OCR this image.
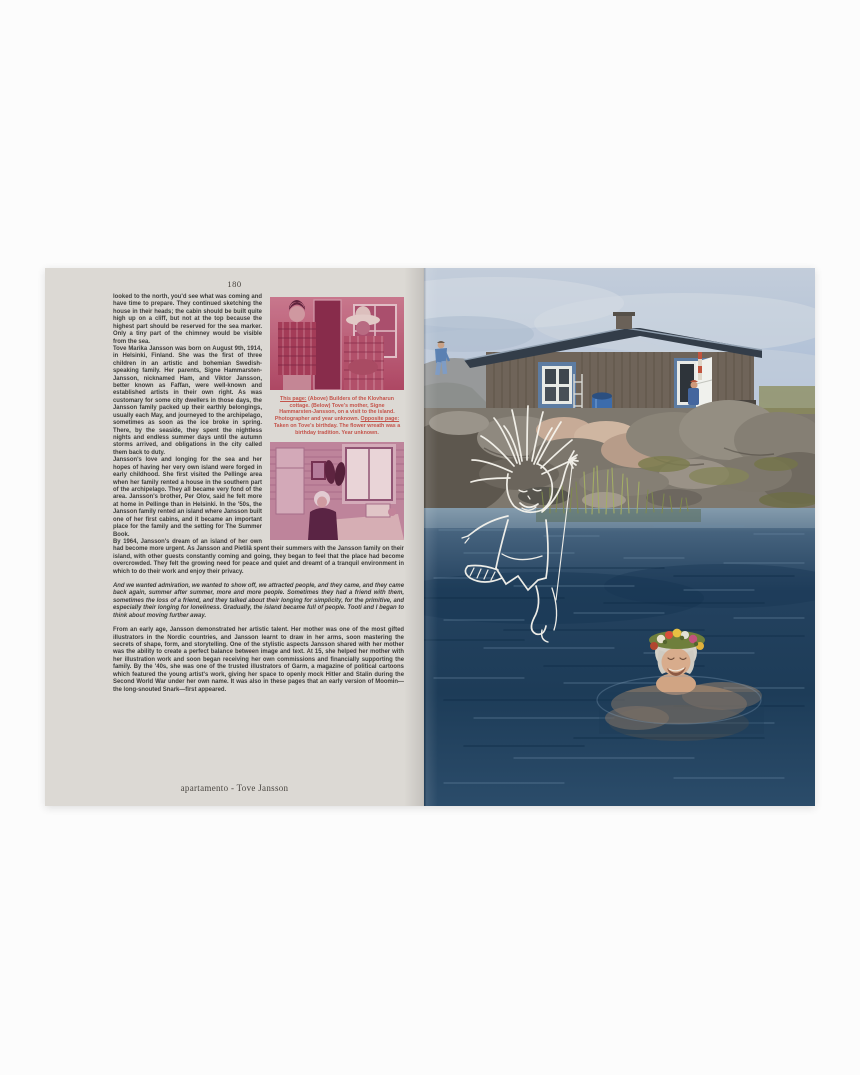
180
This page: (Above) Builders of the Klovharun cottage. (Below) Tove's mother, Signe Hammarsten-Jansson, on a visit to the island. Photographer and year unknown. Opposite page: Taken on Tove's birthday. The flower wreath was a birthday tradition. Year unknown.

looked to the north, you'd see what was coming and have time to prepare. They continued sketching the house in their heads; the cabin should be built quite high up on a cliff, but not at the top because the highest part should be reserved for the sea marker. Only a tiny part of the chimney would be visible from the sea.

Tove Marika Jansson was born on August 9th, 1914, in Helsinki, Finland. She was the first of three children in an artistic and bohemian Swedish-speaking family. Her parents, Signe Hammarsten-Jansson, nicknamed Ham, and Viktor Jansson, better known as Faffan, were well-known and established artists in their own right. As was customary for some city dwellers in those days, the Jansson family packed up their earthly belongings, usually each May, and journeyed to the archipelago, sometimes as soon as the ice broke in spring. There, by the seaside, they spent the nightless nights and endless summer days until the autumn storms arrived, and obligations in the city called them back to duty.

Jansson's love and longing for the sea and her hopes of having her very own island were forged in early childhood. She first visited the Pellinge area when her family rented a house in the southern part of the archipelago. They all became very fond of the area. Jansson's brother, Per Olov, said he felt more at home in Pellinge than in Helsinki. In the '50s, the Jansson family rented an island where Jansson built one of her first cabins, and it became an important place for the family and the setting for The Summer Book.

By 1964, Jansson's dream of an island of her own had become more urgent. As Jansson and Pietilä spent their summers with the Jansson family on their island, with other guests constantly coming and going, they began to feel that the place had become overcrowded. They felt the growing need for peace and quiet and dreamt of a tranquil environment in which to do their work and enjoy their privacy.

And we wanted admiration, we wanted to show off, we attracted people, and they came, and they came back again, summer after summer, more and more people. Sometimes they had a friend with them, sometimes the loss of a friend, and they talked about their longing for simplicity, for the primitive, and especially their longing for loneliness. Gradually, the island became full of people. Tooti and I began to think about moving further away.

From an early age, Jansson demonstrated her artistic talent. Her mother was one of the most gifted illustrators in the Nordic countries, and Jansson learnt to draw in her arms, soon mastering the secrets of shape, form, and storytelling. One of the stylistic aspects Jansson shared with her mother was the ability to create a perfect balance between image and text. At 15, she helped her mother with her illustration work and soon began receiving her own commissions and financially supporting the family. By the '40s, she was one of the trusted illustrators of Garm, a magazine of political cartoons which featured the young artist's work, giving her space to openly mock Hitler and Stalin during the Second World War under her own name. It was also in these pages that an early version of Moomin—the long-snouted Snark—first appeared.

apartamento - Tove Jansson
